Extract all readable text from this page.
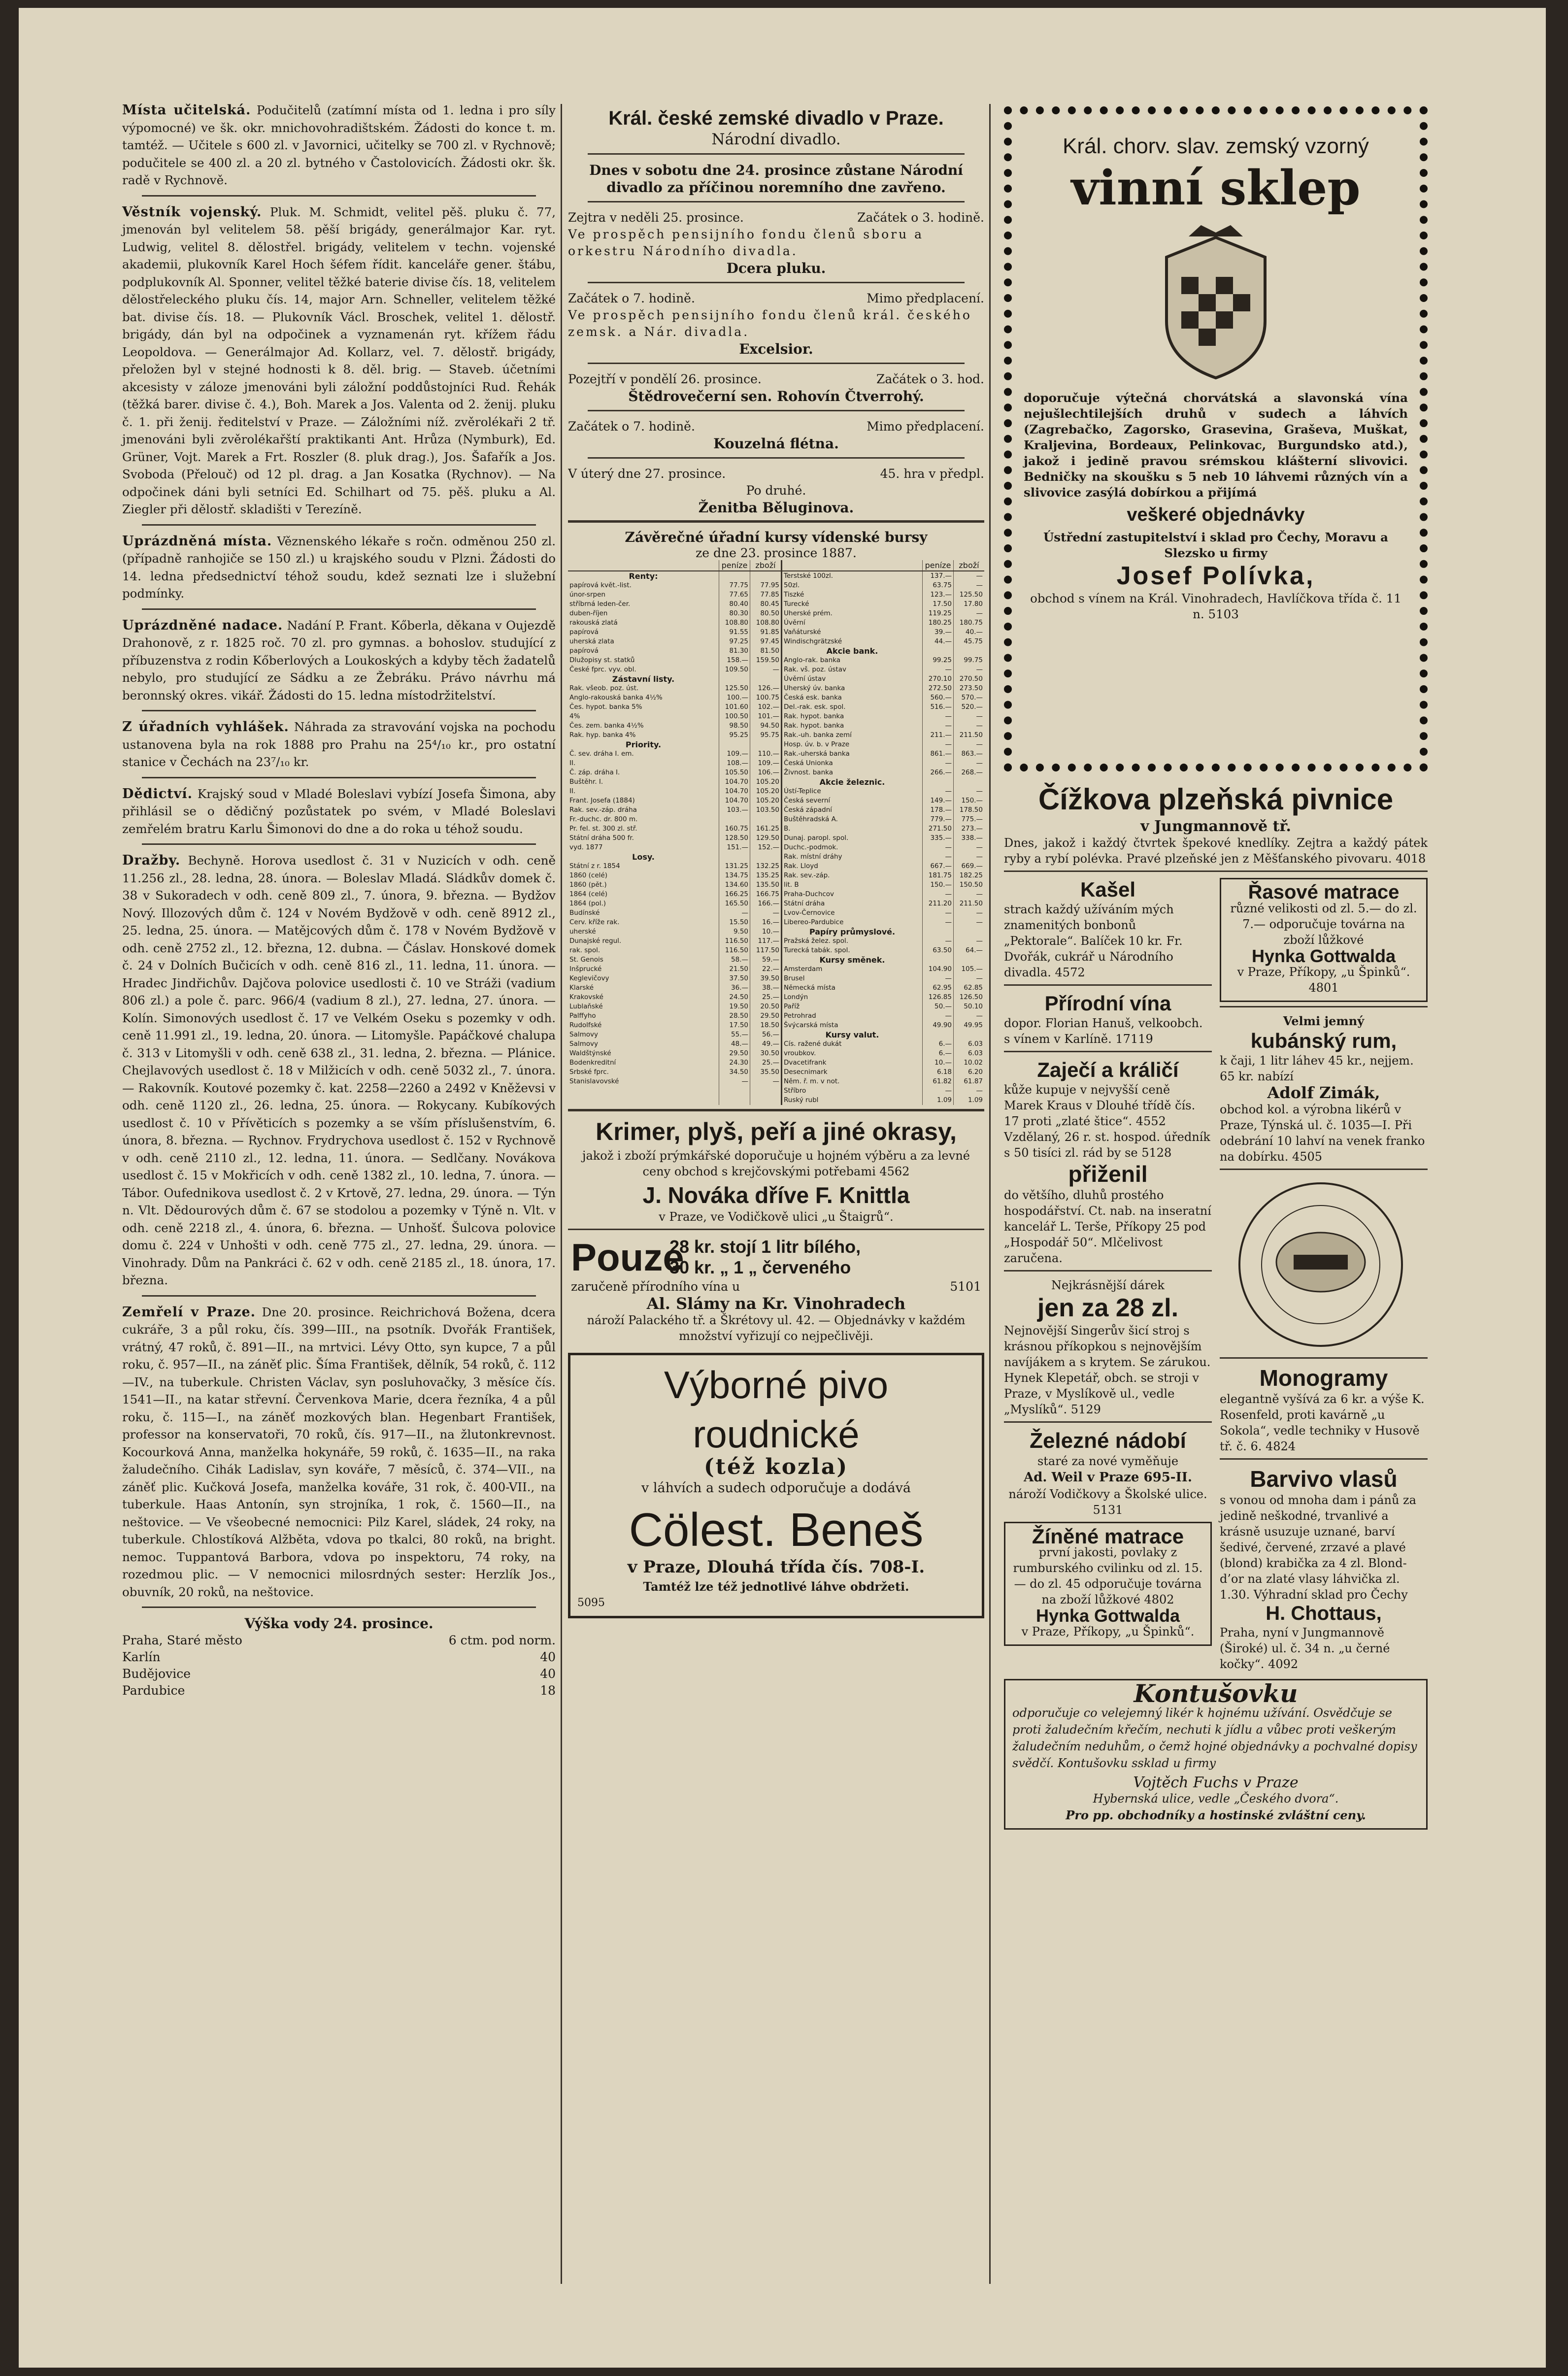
Místa učitelská. Podučitelů (zatímní místa od 1. ledna i pro síly výpomocné) ve šk. okr. mnichovohradištském. Žádosti do konce t. m. tamtéž. — Učitele s 600 zl. v Javornici, učitelky se 700 zl. v Rychnově; podučitele se 400 zl. a 20 zl. bytného v Častolovicích. Žádosti okr. šk. radě v Rychnově.

Věstník vojenský. Pluk. M. Schmidt, velitel pěš. pluku č. 77, jmenován byl velitelem 58. pěší brigády, generálmajor Kar. ryt. Ludwig, velitel 8. dělostřel. brigády, velitelem v techn. vojenské akademii, plukovník Karel Hoch šéfem řídit. kanceláře gener. štábu, podplukovník Al. Sponner, velitel těžké baterie divise čís. 18, velitelem dělostřeleckého pluku čís. 14, major Arn. Schneller, velitelem těžké bat. divise čís. 18. — Plukovník Václ. Broschek, velitel 1. dělostř. brigády, dán byl na odpočinek a vyznamenán ryt. křížem řádu Leopoldova. — Generálmajor Ad. Kollarz, vel. 7. dělostř. brigády, přeložen byl v stejné hodnosti k 8. děl. brig. — Staveb. účetními akcesisty v záloze jmenováni byli záložní poddůstojníci Rud. Řehák (těžká barer. divise č. 4.), Boh. Marek a Jos. Valenta od 2. ženij. pluku č. 1. při ženij. ředitelství v Praze. — Záložními níž. zvěrolékaři 2 tř. jmenováni byli zvěrolékařští praktikanti Ant. Hrůza (Nymburk), Ed. Grüner, Vojt. Marek a Frt. Roszler (8. pluk drag.), Jos. Šafařík a Jos. Svoboda (Přelouč) od 12 pl. drag. a Jan Kosatka (Rychnov). — Na odpočinek dáni byli setníci Ed. Schilhart od 75. pěš. pluku a Al. Ziegler při dělostř. skladišti v Terezíně.

Uprázdněná místa. Věznenského lékaře s ročn. odměnou 250 zl. (případně ranhojiče se 150 zl.) u krajského soudu v Plzni. Žádosti do 14. ledna předsednictví téhož soudu, kdež seznati lze i služební podmínky.

Uprázdněné nadace. Nadání P. Frant. Kőberla, děkana v Oujezdě Drahonově, z r. 1825 roč. 70 zl. pro gymnas. a bohoslov. studující z příbuzenstva z rodin Kőberlových a Loukoských a kdyby těch žadatelů nebylo, pro studující ze Sádku a ze Žebráku. Právo návrhu má beronnský okres. vikář. Žádosti do 15. ledna místodržitelství.

Z úřadních vyhlášek. Náhrada za stravování vojska na pochodu ustanovena byla na rok 1888 pro Prahu na 25⁴/₁₀ kr., pro ostatní stanice v Čechách na 23⁷/₁₀ kr.

Dědictví. Krajský soud v Mladé Boleslavi vybízí Josefa Šimona, aby přihlásil se o dědičný pozůstatek po svém, v Mladé Boleslavi zemřelém bratru Karlu Šimonovi do dne a do roka u téhož soudu.

Dražby. Bechyně. Horova usedlost č. 31 v Nuzicích v odh. ceně 11.256 zl., 28. ledna, 28. února. — Boleslav Mladá. Sládkův domek č. 38 v Sukoradech v odh. ceně 809 zl., 7. února, 9. března. — Bydžov Nový. Illozových dům č. 124 v Novém Bydžově v odh. ceně 8912 zl., 25. ledna, 25. února. — Matějcových dům č. 178 v Novém Bydžově v odh. ceně 2752 zl., 12. března, 12. dubna. — Čáslav. Honskové domek č. 24 v Dolních Bučicích v odh. ceně 816 zl., 11. ledna, 11. února. — Hradec Jindřichův. Dajčova polovice usedlosti č. 10 ve Stráži (vadium 806 zl.) a pole č. parc. 966/4 (vadium 8 zl.), 27. ledna, 27. února. — Kolín. Simonových usedlost č. 17 ve Velkém Oseku s pozemky v odh. ceně 11.991 zl., 19. ledna, 20. února. — Litomyšle. Papáčkové chalupa č. 313 v Litomyšli v odh. ceně 638 zl., 31. ledna, 2. března. — Plánice. Chejlavových usedlost č. 18 v Milžicích v odh. ceně 5032 zl., 7. února. — Rakovník. Koutové pozemky č. kat. 2258—2260 a 2492 v Kněževsi v odh. ceně 1120 zl., 26. ledna, 25. února. — Rokycany. Kubíkových usedlost č. 10 v Přívěticích s pozemky a se vším příslušenstvím, 6. února, 8. března. — Rychnov. Frydrychova usedlost č. 152 v Rychnově v odh. ceně 2110 zl., 12. ledna, 11. února. — Sedlčany. Novákova usedlost č. 15 v Mokřicích v odh. ceně 1382 zl., 10. ledna, 7. února. — Tábor. Oufednikova usedlost č. 2 v Krtově, 27. ledna, 29. února. — Týn n. Vlt. Dědourových dům č. 67 se stodolou a pozemky v Týně n. Vlt. v odh. ceně 2218 zl., 4. února, 6. března. — Unhošť. Šulcova polovice domu č. 224 v Unhošti v odh. ceně 775 zl., 27. ledna, 29. února. — Vinohrady. Dům na Pankráci č. 62 v odh. ceně 2185 zl., 18. února, 17. března.

Zemřelí v Praze. Dne 20. prosince. Reichrichová Božena, dcera cukráře, 3 a půl roku, čís. 399—III., na psotník. Dvořák František, vrátný, 47 roků, č. 891—II., na mrtvici. Lévy Otto, syn kupce, 7 a půl roku, č. 957—II., na záněť plic. Šíma František, dělník, 54 roků, č. 112—IV., na tuberkule. Christen Václav, syn posluhovačky, 3 měsíce čís. 1541—II., na katar střevní. Červenkova Marie, dcera řezníka, 4 a půl roku, č. 115—I., na záněť mozkových blan. Hegenbart František, professor na konservatoři, 70 roků, čís. 917—II., na žlutonkrevnost. Kocourková Anna, manželka hokynáře, 59 roků, č. 1635—II., na raka žaludečního. Cihák Ladislav, syn kováře, 7 měsíců, č. 374—VII., na záněť plic. Kučková Josefa, manželka kováře, 31 rok, č. 400-VII., na tuberkule. Haas Antonín, syn strojníka, 1 rok, č. 1560—II., na neštovice. — Ve všeobecné nemocnici: Pilz Karel, sládek, 24 roky, na tuberkule. Chlostíková Alžběta, vdova po tkalci, 80 roků, na bright. nemoc. Tuppantová Barbora, vdova po inspektoru, 74 roky, na rozedmou plic. — V nemocnici milosrdných sester: Herzlík Jos., obuvník, 20 roků, na neštovice.

Výška vody 24. prosince.
Praha, Staré město	6 ctm. pod norm.
Karlín	40
Budějovice	40
Pardubice	18
Král. české zemské divadlo v Praze.
Národní divadlo.
Dnes v sobotu dne 24. prosince zůstane Národní divadlo za příčinou noremního dne zavřeno.
Zejtra v neděli 25. prosince.	Začátek o 3. hodině.

Ve prospěch pensijního fondu členů sboru a orkestru Národního divadla.

Dcera pluku.
Začátek o 7. hodině.	Mimo předplacení.

Ve prospěch pensijního fondu členů král. českého zemsk. a Nár. divadla.

Excelsior.
Pozejtří v pondělí 26. prosince.	Začátek o 3. hod.
Štědrovečerní sen. Rohovín Čtverrohý.
Začátek o 7. hodině.	Mimo předplacení.
Kouzelná flétna.
V úterý dne 27. prosince.	45. hra v předpl.

Po druhé.

Ženitba Běluginova.
Závěrečné úřadní kursy vídenské bursy
ze dne 23. prosince 1887.
	peníze	zboží		peníze	zboží
Renty:			Terstské 100zl.	137.—	—
papírová květ.-list.	77.75	77.95	50zl.	63.75	—
únor-srpen	77.65	77.85	Tiszké	123.—	125.50
stříbrná leden-čer.	80.40	80.45	Turecké	17.50	17.80
duben-říjen	80.30	80.50	Uherské prém.	119.25	—
rakouská zlatá	108.80	108.80	Úvěrní	180.25	180.75
papírová	91.55	91.85	Vaňáturské	39.—	40.—
uherská zlata	97.25	97.45	Windischgrätzské	44.—	45.75
papírová	81.30	81.50	Akcie bank.		
Dlužopisy st. statků	158.—	159.50	Anglo-rak. banka	99.25	99.75
České fprc. vyv. obl.	109.50	—	Rak. vš. poz. ústav	—	—
Zástavní listy.			Úvěrní ústav	270.10	270.50
Rak. všeob. poz. úst.	125.50	126.—	Uherský úv. banka	272.50	273.50
Anglo-rakouská banka 4½%	100.—	100.75	Česká esk. banka	560.—	570.—
Čes. hypot. banka 5%	101.60	102.—	Del.-rak. esk. spol.	516.—	520.—
4%	100.50	101.—	Rak. hypot. banka	—	—
Čes. zem. banka 4½%	98.50	94.50	Rak. hypot. banka	—	—
Rak. hyp. banka 4%	95.25	95.75	Rak.-uh. banka zemí	211.—	211.50
Priority.			Hosp. úv. b. v Praze	—	—
Č. sev. dráha I. em.	109.—	110.—	Rak.-uherská banka	861.—	863.—
II.	108.—	109.—	Česká Unionka	—	—
Č. záp. dráha I.	105.50	106.—	Živnost. banka	266.—	268.—
Buštěhr. I.	104.70	105.20	Akcie železnic.		
II.	104.70	105.20	Ústí-Teplice	—	—
Frant. Josefa (1884)	104.70	105.20	Česká severní	149.—	150.—
Rak. sev.-záp. dráha	103.—	103.50	Česká západní	178.—	178.50
Fr.-duchc. dr. 800 m.			Buštěhradská A.	779.—	775.—
Pr. fel. st. 300 zl. stř.	160.75	161.25	B.	271.50	273.—
Státní dráha 500 fr.	128.50	129.50	Dunaj. paropl. spol.	335.—	338.—
vyd. 1877	151.—	152.—	Duchc.-podmok.	—	—
Losy.			Rak. místní dráhy	—	—
Státní z r. 1854	131.25	132.25	Rak. Lloyd	667.—	669.—
1860 (celé)	134.75	135.25	Rak. sev.-záp.	181.75	182.25
1860 (pět.)	134.60	135.50	lit. B	150.—	150.50
1864 (celé)	166.25	166.75	Praha-Duchcov	—	—
1864 (pol.)	165.50	166.—	Státní dráha	211.20	211.50
Budínské	—	—	Lvov-Černovice	—	—
Cerv. kříže rak.	15.50	16.—	Libereo-Pardubice	—	—
uherské	9.50	10.—	Papíry průmyslové.		
Dunajské regul.	116.50	117.—	Pražská želez. spol.	—	—
rak. spol.	116.50	117.50	Turecká tabák. spol.	63.50	64.—
St. Genois	58.—	59.—	Kursy směnek.		
Inšprucké	21.50	22.—	Amsterdam	104.90	105.—
Keglevičovy	37.50	39.50	Brusel	—	—
Klarské	36.—	38.—	Německá místa	62.95	62.85
Krakovské	24.50	25.—	Londýn	126.85	126.50
Lublaňské	19.50	20.50	Paříž	50.—	50.10
Palffyho	28.50	29.50	Petrohrad	—	—
Rudolfské	17.50	18.50	Švýcarská místa	49.90	49.95
Salmovy	55.—	56.—	Kursy valut.		
Salmovy	48.—	49.—	Cís. ražené dukát	6.—	6.03
Waldštýnské	29.50	30.50	vroubkov.	6.—	6.03
Bodenkreditní	24.30	25.—	Dvacetifrank	10.—	10.02
Srbské fprc.	34.50	35.50	Desecnimark	6.18	6.20
Stanislavovské	—	—	Něm. ř. m. v not.	61.82	61.87
			Stříbro	—	—
			Ruský rubl	1.09	1.09
Krimer, plyš, peří a jiné okrasy,

jakož i zboží prýmkářské doporučuje u hojném výběru a za levné ceny obchod s krejčovskými potřebami 4562

J. Nováka dříve F. Knittla
v Praze, ve Vodičkově ulici „u Štaigrů“.
Pouze
28 kr. stojí 1 litr bílého,
30 kr. „ 1 „ červeného
zaručeně přírodního vína u	5101
Al. Slámy na Kr. Vinohradech

nároží Palackého tř. a Škrétovy ul. 42. — Objednávky v každém množství vyřizují co nejpečlivěji.

Výborné pivo roudnické
(též kozla)
v láhvích a sudech odporučuje a dodává
Cölest. Beneš
v Praze, Dlouhá třída čís. 708-I.
Tamtéž lze též jednotlivé láhve obdržeti.
5095
Král. chorv. slav. zemský vzorný
vinní sklep

doporučuje výtečná chorvátská a slavonská vína nejušlechtilejších druhů v sudech a láhvích (Zagrebačko, Zagorsko, Grasevina, Graševa, Muškat, Kraljevina, Bordeaux, Pelinkovac, Burgundsko atd.), jakož i jedině pravou srémskou klášterní slivovici. Bedničky na skoušku s 5 neb 10 láhvemi různých vín a slivovice zasýlá dobírkou a přijímá

veškeré objednávky

Ústřední zastupitelství i sklad pro Čechy, Moravu a Slezsko u firmy

Josef Polívka,

obchod s vínem na Král. Vinohradech, Havlíčkova třída č. 11 n. 5103

Čížkova plzeňská pivnice
v Jungmannově tř.

Dnes, jakož i každý čtvrtek špekové knedlíky. Zejtra a každý pátek ryby a rybí polévka. Pravé plzeňské jen z Měšťanského pivovaru. 4018

Kašel

strach každý užíváním mých znamenitých bonbonů „Pektorale“. Balíček 10 kr. Fr. Dvořák, cukrář u Národního divadla. 4572

Přírodní vína

dopor. Florian Hanuš, velkoobch. s vínem v Karlíně. 17119

Zaječí a králičí

kůže kupuje v nejvyšší ceně Marek Kraus v Dlouhé třídě čís. 17 proti „zlaté štice“. 4552

Vzdělaný, 26 r. st. hospod. úředník s 50 tisíci zl. rád by se 5128

přiženil

do většího, dluhů prostého hospodářství. Ct. nab. na inseratní kancelář L. Terše, Příkopy 25 pod „Hospodář 50“. Mlčelivost zaručena.

Nejkrásnější dárek
jen za 28 zl.

Nejnovější Singerův šicí stroj s krásnou příkopkou s nejnovějším navíjákem a s krytem. Se zárukou. Hynek Klepetář, obch. se stroji v Praze, v Myslíkově ul., vedle „Myslíků“. 5129

Železné nádobí
staré za nové vyměňuje
Ad. Weil v Praze 695-II.
nároží Vodičkovy a Školské ulice. 5131
Žíněné matrace

první jakosti, povlaky z rumburského cvilinku od zl. 15.— do zl. 45 odporučuje továrna na zboží lůžkové 4802

Hynka Gottwalda
v Praze, Příkopy, „u Špinků“.
Řasové matrace

různé velikosti od zl. 5.— do zl. 7.— odporučuje továrna na zboží lůžkové

Hynka Gottwalda
v Praze, Příkopy, „u Špinků“. 4801
Velmi jemný
kubánský rum,

k čaji, 1 litr láhev 45 kr., nejjem. 65 kr. nabízí

Adolf Zimák,

obchod kol. a výrobna likérů v Praze, Týnská ul. č. 1035—I. Při odebrání 10 lahví na venek franko na dobírku. 4505

Monogramy

elegantně vyšívá za 6 kr. a výše K. Rosenfeld, proti kavárně „u Sokola“, vedle techniky v Husově tř. č. 6. 4824

Barvivo vlasů

s vonou od mnoha dam i pánů za jedině neškodné, trvanlivé a krásně usuzuje uznané, barví šedivé, červené, zrzavé a plavé (blond) krabička za 4 zl. Blond-d’or na zlaté vlasy láhvička zl. 1.30. Výhradní sklad pro Čechy

H. Chottaus,

Praha, nyní v Jungmannově (Široké) ul. č. 34 n. „u černé kočky“. 4092

Kontušovku

odporučuje co velejemný likér k hojnému užívání. Osvědčuje se proti žaludečním křečím, nechuti k jídlu a vůbec proti veškerým žaludečním neduhům, o čemž hojné objednávky a pochvalné dopisy svědčí. Kontušovku ssklad u firmy

Vojtěch Fuchs v Praze
Hybernská ulice, vedle „Českého dvora“.
Pro pp. obchodníky a hostinské zvláštní ceny.
